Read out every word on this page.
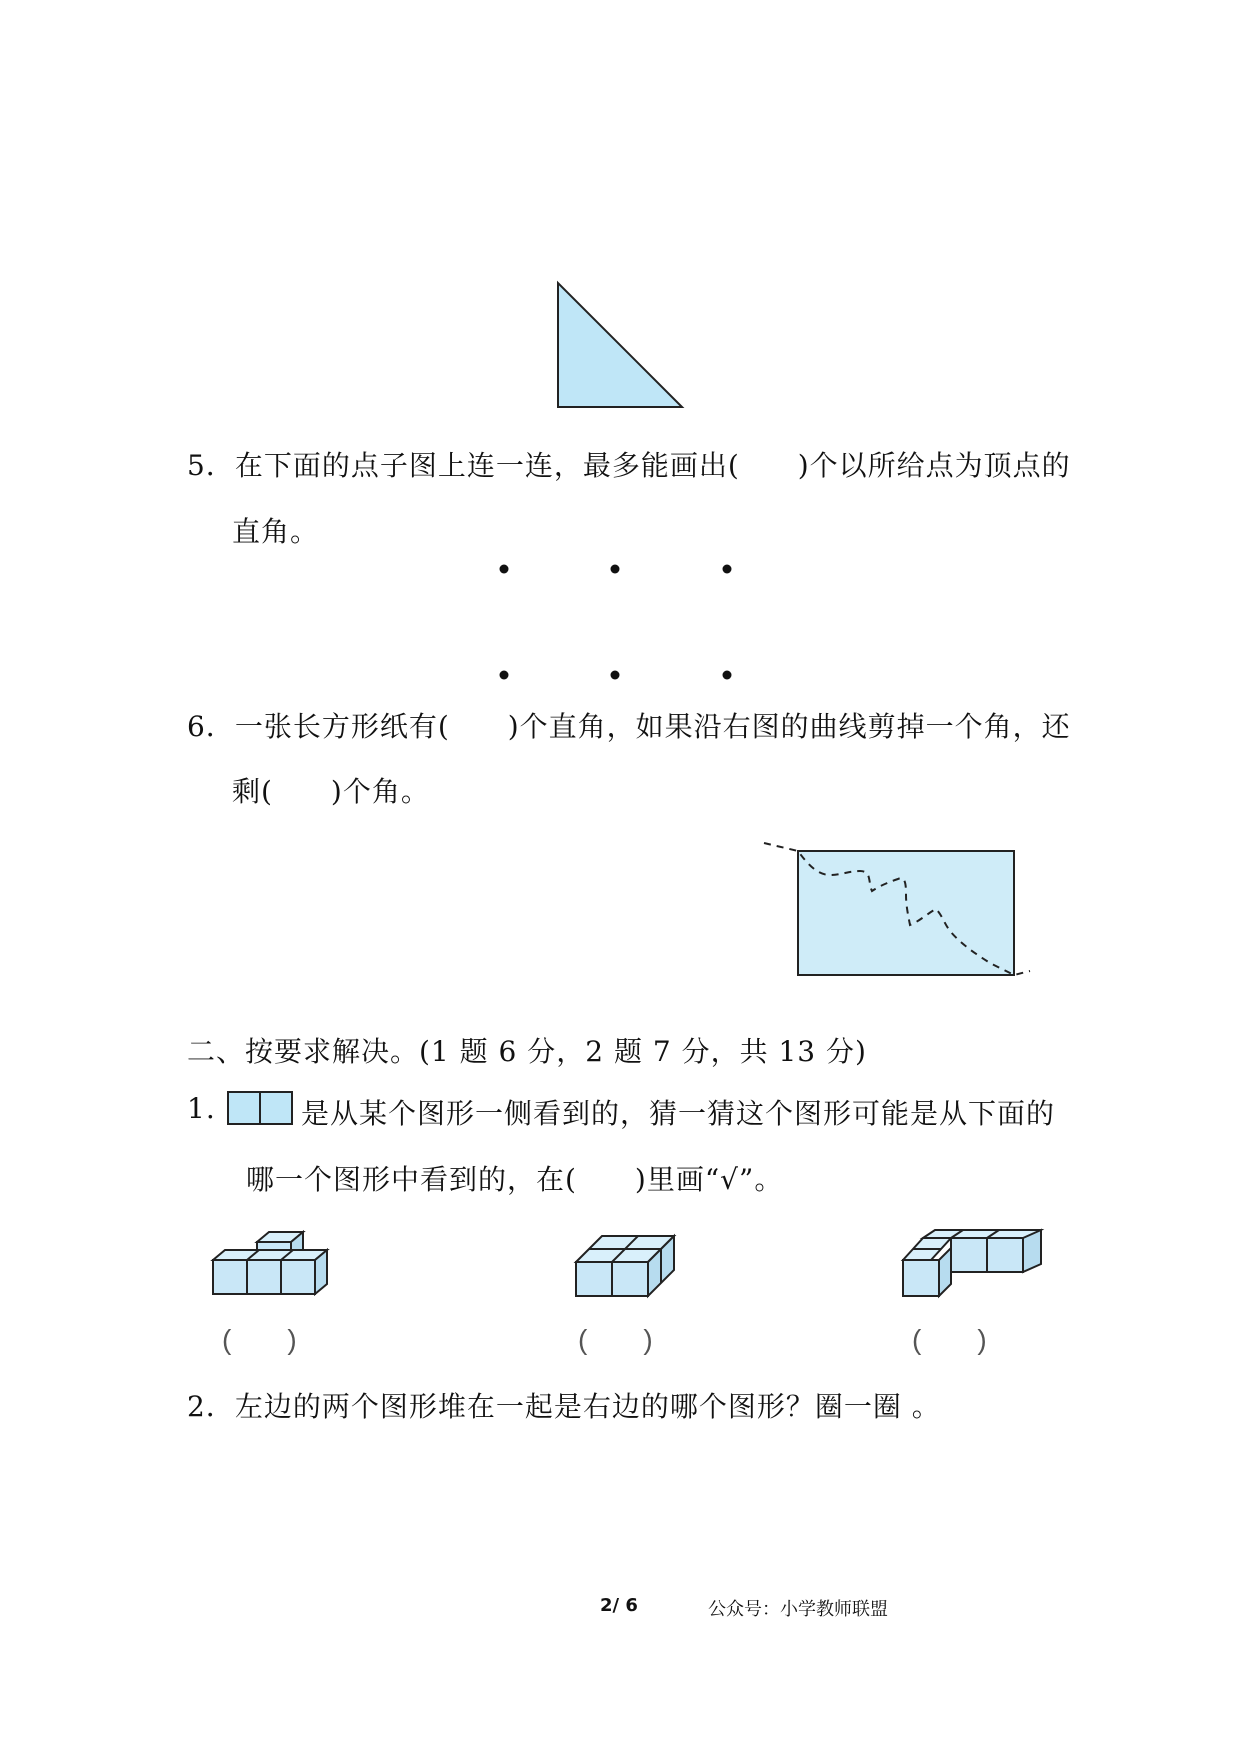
5．在下面的点子图上连一连，最多能画出(　　)个以所给点为顶点的
直角。
6．一张长方形纸有(　　)个直角，如果沿右图的曲线剪掉一个角，还
剩(　　)个角。
二、按要求解决。(1 题 6 分，2 题 7 分，共 13 分)
1.	是从某个图形一侧看到的，猜一猜这个图形可能是从下面的
哪一个图形中看到的，在(　　)里画“√”。
(　　)	(　　)	(　　)
2．左边的两个图形堆在一起是右边的哪个图形？圈一圈 。
2/ 6	公众号：小学教师联盟
